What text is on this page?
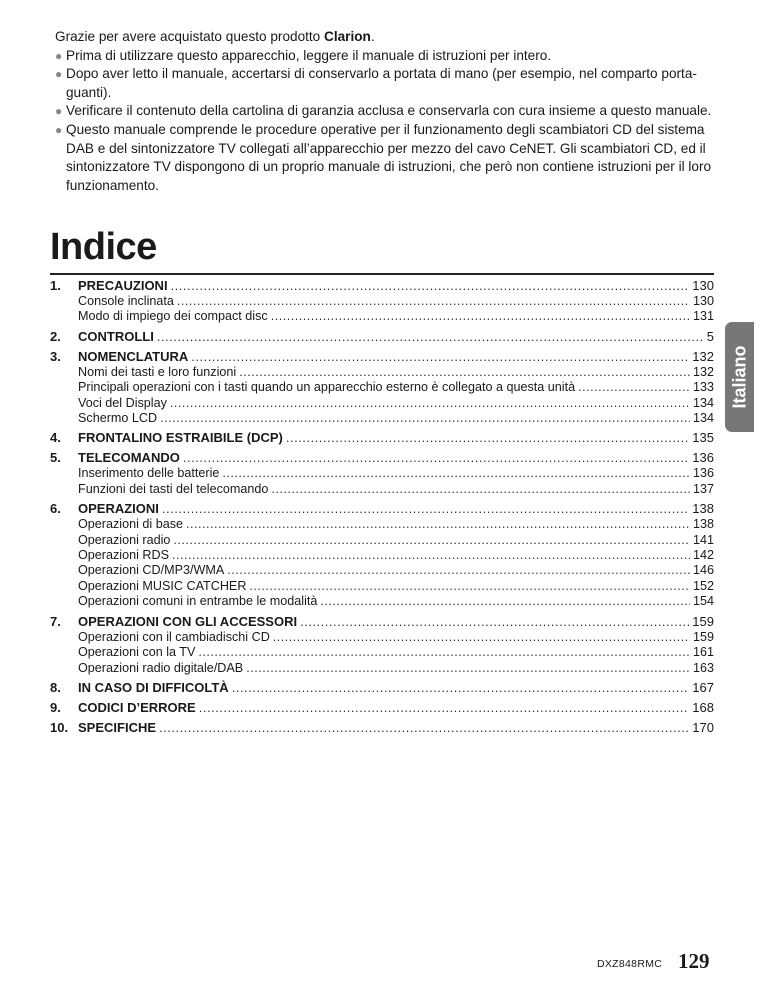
Grazie per avere acquistato questo prodotto Clarion.

● Prima di utilizzare questo apparecchio, leggere il manuale di istruzioni per intero.

● Dopo aver letto il manuale, accertarsi di conservarlo a portata di mano (per esempio, nel comparto porta-guanti).

● Verificare il contenuto della cartolina di garanzia acclusa e conservarla con cura insieme a questo manuale.

● Questo manuale comprende le procedure operative per il funzionamento degli scambiatori CD del sistema DAB e del sintonizzatore TV collegati all’apparecchio per mezzo del cavo CeNET. Gli scambiatori CD, ed il sintonizzatore TV dispongono di un proprio manuale di istruzioni, che però non contiene istruzioni per il loro funzionamento.

Indice
1.	PRECAUZIONI .....	130
Console inclinata .....	130
Modo di impiego dei compact disc .....	131
2.	CONTROLLI .....	5
3.	NOMENCLATURA .....	132
Nomi dei tasti e loro funzioni .....	132
Principali operazioni con i tasti quando un apparecchio esterno è collegato a questa unità .....	133
Voci del Display .....	134
Schermo LCD .....	134
4.	FRONTALINO ESTRAIBILE (DCP) .....	135
5.	TELECOMANDO .....	136
Inserimento delle batterie .....	136
Funzioni dei tasti del telecomando .....	137
6.	OPERAZIONI .....	138
Operazioni di base .....	138
Operazioni radio .....	141
Operazioni RDS .....	142
Operazioni CD/MP3/WMA .....	146
Operazioni MUSIC CATCHER .....	152
Operazioni comuni in entrambe le modalità .....	154
7.	OPERAZIONI CON GLI ACCESSORI .....	159
Operazioni con il cambiadischi CD .....	159
Operazioni con la TV .....	161
Operazioni radio digitale/DAB .....	163
8.	IN CASO DI DIFFICOLTÀ .....	167
9.	CODICI D’ERRORE .....	168
10. SPECIFICHE .....	170
Italiano
DXZ848RMC 129
